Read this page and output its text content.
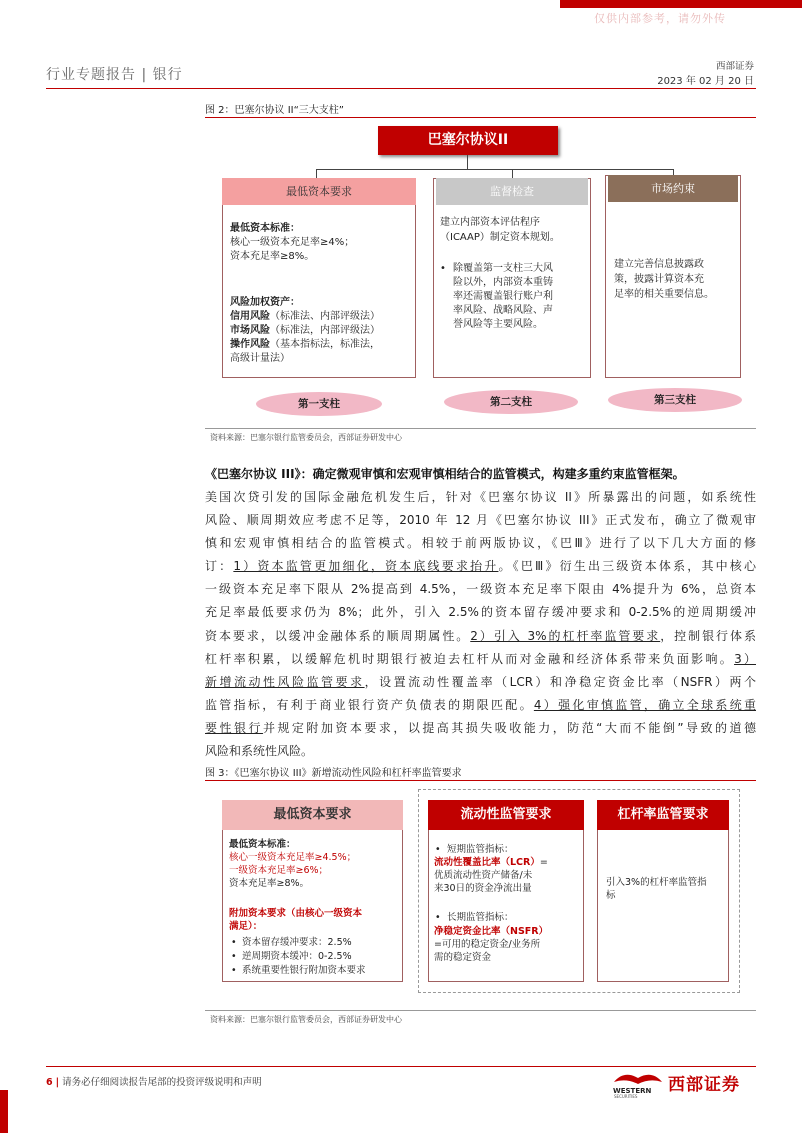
仅供内部参考，请勿外传
行业专题报告 | 银行
西部证券
2023 年 02 月 20 日
图 2：巴塞尔协议 II“三大支柱”
巴塞尔协议II
最低资本要求
最低资本标准：
核心一级资本充足率≥4%；
资本充足率≥8%。
风险加权资产：
信用风险（标准法、内部评级法）
市场风险（标准法，内部评级法）
操作风险（基本指标法，标准法，
高级计量法）
第一支柱
监督检查
建立内部资本评估程序
（ICAAP）制定资本规划。
• 除覆盖第一支柱三大风
险以外，内部资本重铸
率还需覆盖银行账户利
率风险、战略风险、声
誉风险等主要风险。
第二支柱
市场约束
建立完善信息披露政
策，披露计算资本充
足率的相关重要信息。
第三支柱
资料来源：巴塞尔银行监管委员会，西部证券研发中心
《巴塞尔协议 III》：确定微观审慎和宏观审慎相结合的监管模式，构建多重约束监管框架。
美国次贷引发的国际金融危机发生后，针对《巴塞尔协议 II》所暴露出的问题，如系统性
风险、顺周期效应考虑不足等，2010 年 12 月《巴塞尔协议 III》正式发布，确立了微观审
慎和宏观审慎相结合的监管模式。相较于前两版协议，《巴Ⅲ》进行了以下几大方面的修
订：1）资本监管更加细化，资本底线要求抬升。《巴Ⅲ》衍生出三级资本体系，其中核心
一级资本充足率下限从 2%提高到 4.5%，一级资本充足率下限由 4%提升为 6%，总资本
充足率最低要求仍为 8%；此外，引入 2.5%的资本留存缓冲要求和 0-2.5%的逆周期缓冲
资本要求，以缓冲金融体系的顺周期属性。2）引入 3%的杠杆率监管要求，控制银行体系
杠杆率积累，以缓解危机时期银行被迫去杠杆从而对金融和经济体系带来负面影响。3）
新增流动性风险监管要求，设置流动性覆盖率（LCR）和净稳定资金比率（NSFR）两个
监管指标，有利于商业银行资产负债表的期限匹配。4）强化审慎监管，确立全球系统重
要性银行并规定附加资本要求，以提高其损失吸收能力，防范“大而不能倒”导致的道德
风险和系统性风险。
图 3：《巴塞尔协议 III》新增流动性风险和杠杆率监管要求
最低资本要求
最低资本标准：
核心一级资本充足率≥4.5%；
一级资本充足率≥6%；
资本充足率≥8%。
附加资本要求（由核心一级资本
满足）：
• 资本留存缓冲要求：2.5%
• 逆周期资本缓冲：0-2.5%
• 系统重要性银行附加资本要求
流动性监管要求
• 短期监管指标：
流动性覆盖比率（LCR）=
优质流动性资产储备/未
来30日的资金净流出量
• 长期监管指标：
净稳定资金比率（NSFR）
=可用的稳定资金/业务所
需的稳定资金
杠杆率监管要求
引入3%的杠杆率监管指
标
资料来源：巴塞尔银行监管委员会，西部证券研发中心
6 | 请务必仔细阅读报告尾部的投资评级说明和声明
WESTERN
SECURITIES
西部证券
